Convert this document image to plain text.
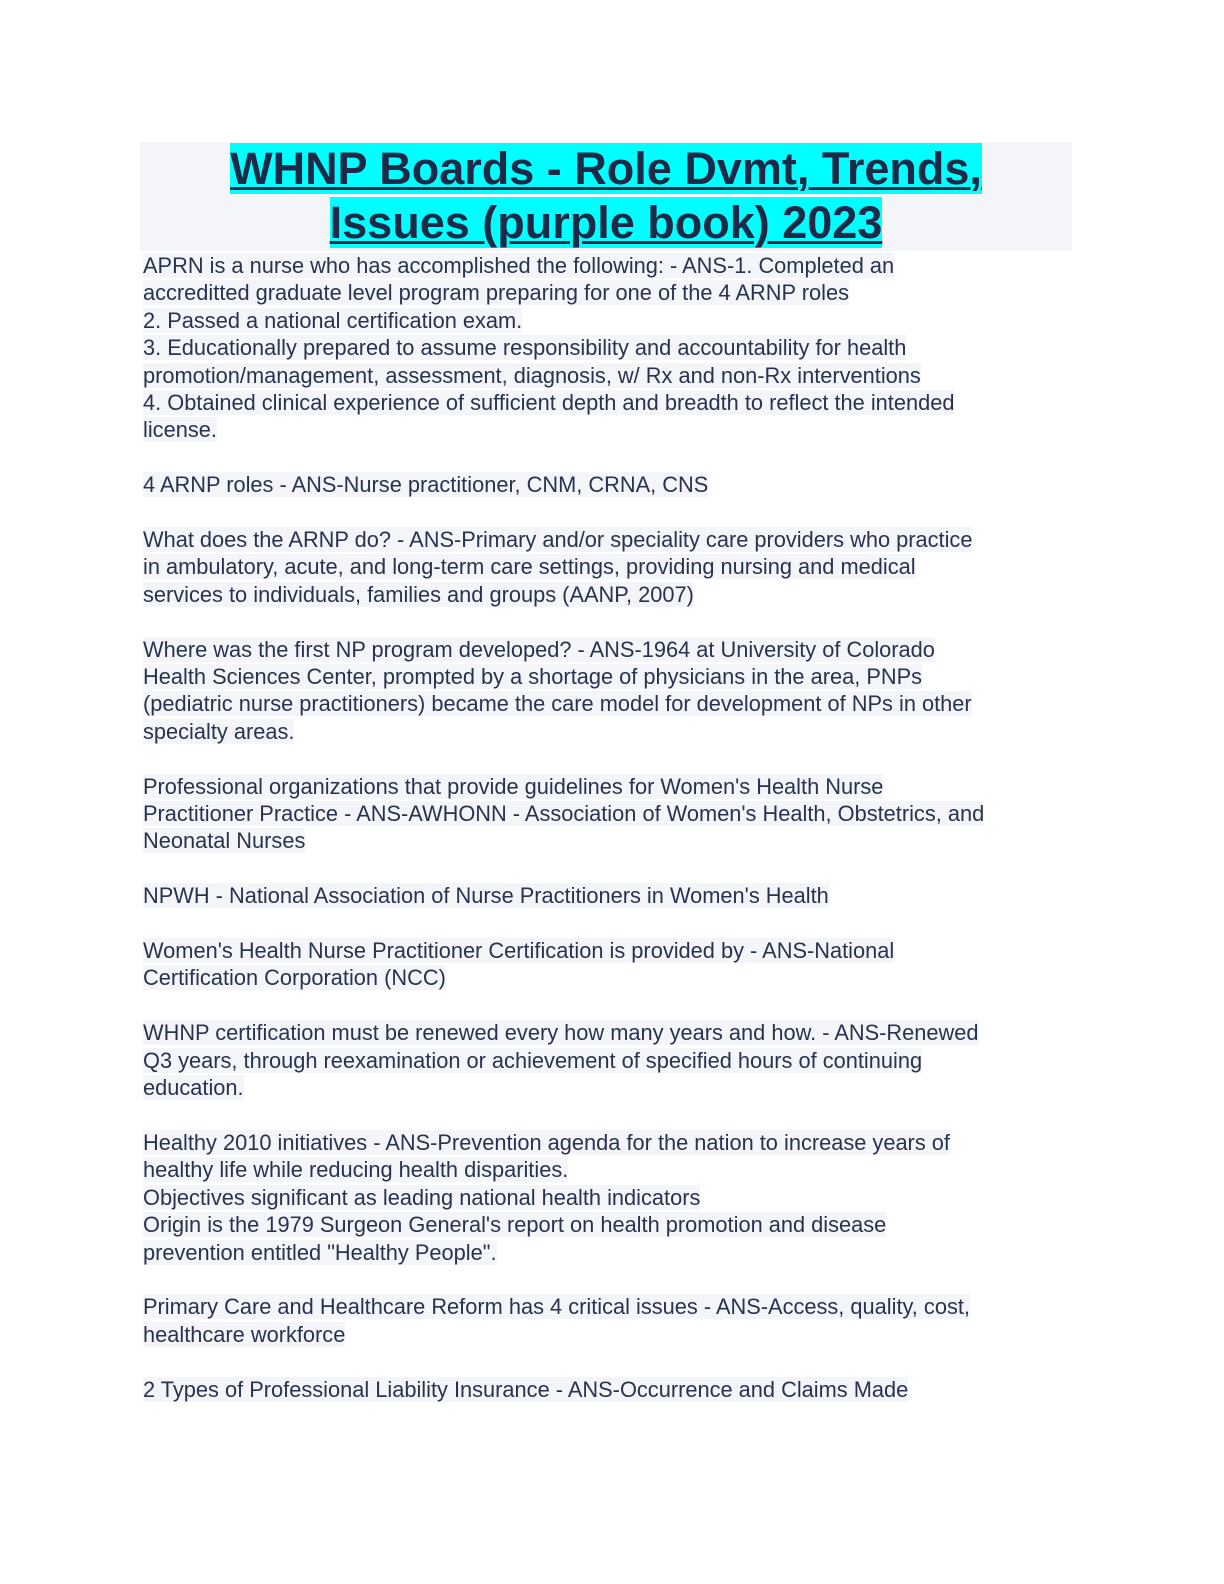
WHNP Boards - Role Dvmt, Trends,
Issues (purple book) 2023
APRN is a nurse who has accomplished the following: - ANS-1. Completed an
accreditted graduate level program preparing for one of the 4 ARNP roles
2. Passed a national certification exam.
3. Educationally prepared to assume responsibility and accountability for health
promotion/management, assessment, diagnosis, w/ Rx and non-Rx interventions
4. Obtained clinical experience of sufficient depth and breadth to reflect the intended
license.
4 ARNP roles - ANS-Nurse practitioner, CNM, CRNA, CNS
What does the ARNP do? - ANS-Primary and/or speciality care providers who practice
in ambulatory, acute, and long-term care settings, providing nursing and medical
services to individuals, families and groups (AANP, 2007)
Where was the first NP program developed? - ANS-1964 at University of Colorado
Health Sciences Center, prompted by a shortage of physicians in the area, PNPs
(pediatric nurse practitioners) became the care model for development of NPs in other
specialty areas.
Professional organizations that provide guidelines for Women's Health Nurse
Practitioner Practice - ANS-AWHONN - Association of Women's Health, Obstetrics, and
Neonatal Nurses
NPWH - National Association of Nurse Practitioners in Women's Health
Women's Health Nurse Practitioner Certification is provided by - ANS-National
Certification Corporation (NCC)
WHNP certification must be renewed every how many years and how. - ANS-Renewed
Q3 years, through reexamination or achievement of specified hours of continuing
education.
Healthy 2010 initiatives - ANS-Prevention agenda for the nation to increase years of
healthy life while reducing health disparities.
Objectives significant as leading national health indicators
Origin is the 1979 Surgeon General's report on health promotion and disease
prevention entitled "Healthy People".
Primary Care and Healthcare Reform has 4 critical issues - ANS-Access, quality, cost,
healthcare workforce
2 Types of Professional Liability Insurance - ANS-Occurrence and Claims Made
